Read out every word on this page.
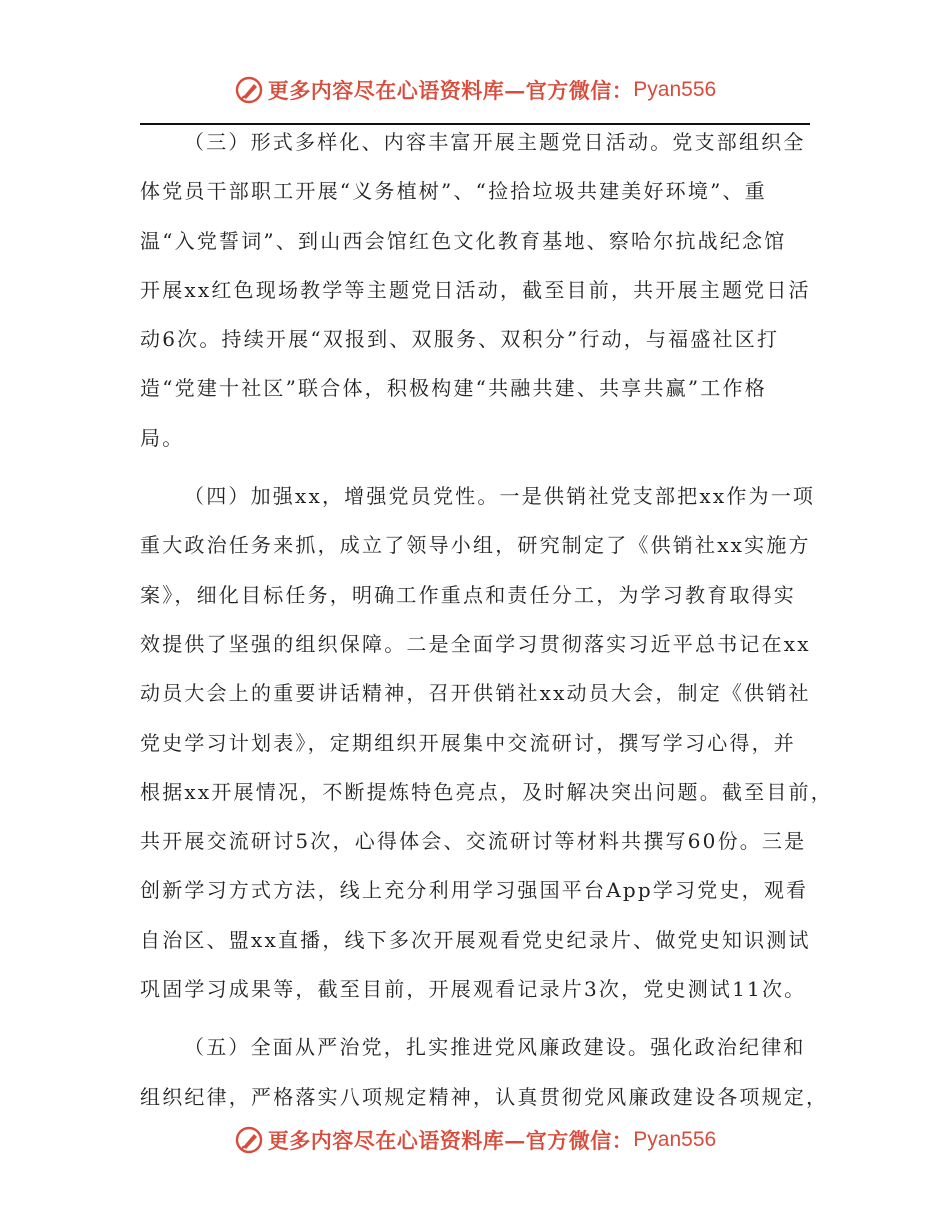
更多内容尽在心语资料库—官方微信： Pyan556
（三）形式多样化、内容丰富开展主题党日活动。党支部组织全
体党员干部职工开展“义务植树”、“捡拾垃圾共建美好环境”、重
温“入党誓词”、到山西会馆红色文化教育基地、察哈尔抗战纪念馆
开展xx红色现场教学等主题党日活动，截至目前，共开展主题党日活
动6次。持续开展“双报到、双服务、双积分”行动，与福盛社区打
造“党建十社区”联合体，积极构建“共融共建、共享共赢”工作格
局。
（四）加强xx，增强党员党性。一是供销社党支部把xx作为一项
重大政治任务来抓，成立了领导小组，研究制定了《供销社xx实施方
案》，细化目标任务，明确工作重点和责任分工，为学习教育取得实
效提供了坚强的组织保障。二是全面学习贯彻落实习近平总书记在xx
动员大会上的重要讲话精神，召开供销社xx动员大会，制定《供销社
党史学习计划表》，定期组织开展集中交流研讨，撰写学习心得，并
根据xx开展情况，不断提炼特色亮点，及时解决突出问题。截至目前，
共开展交流研讨5次，心得体会、交流研讨等材料共撰写60份。三是
创新学习方式方法，线上充分利用学习强国平台App学习党史，观看
自治区、盟xx直播，线下多次开展观看党史纪录片、做党史知识测试
巩固学习成果等，截至目前，开展观看记录片3次，党史测试11次。
（五）全面从严治党，扎实推进党风廉政建设。强化政治纪律和
组织纪律，严格落实八项规定精神，认真贯彻党风廉政建设各项规定，
更多内容尽在心语资料库—官方微信： Pyan556
